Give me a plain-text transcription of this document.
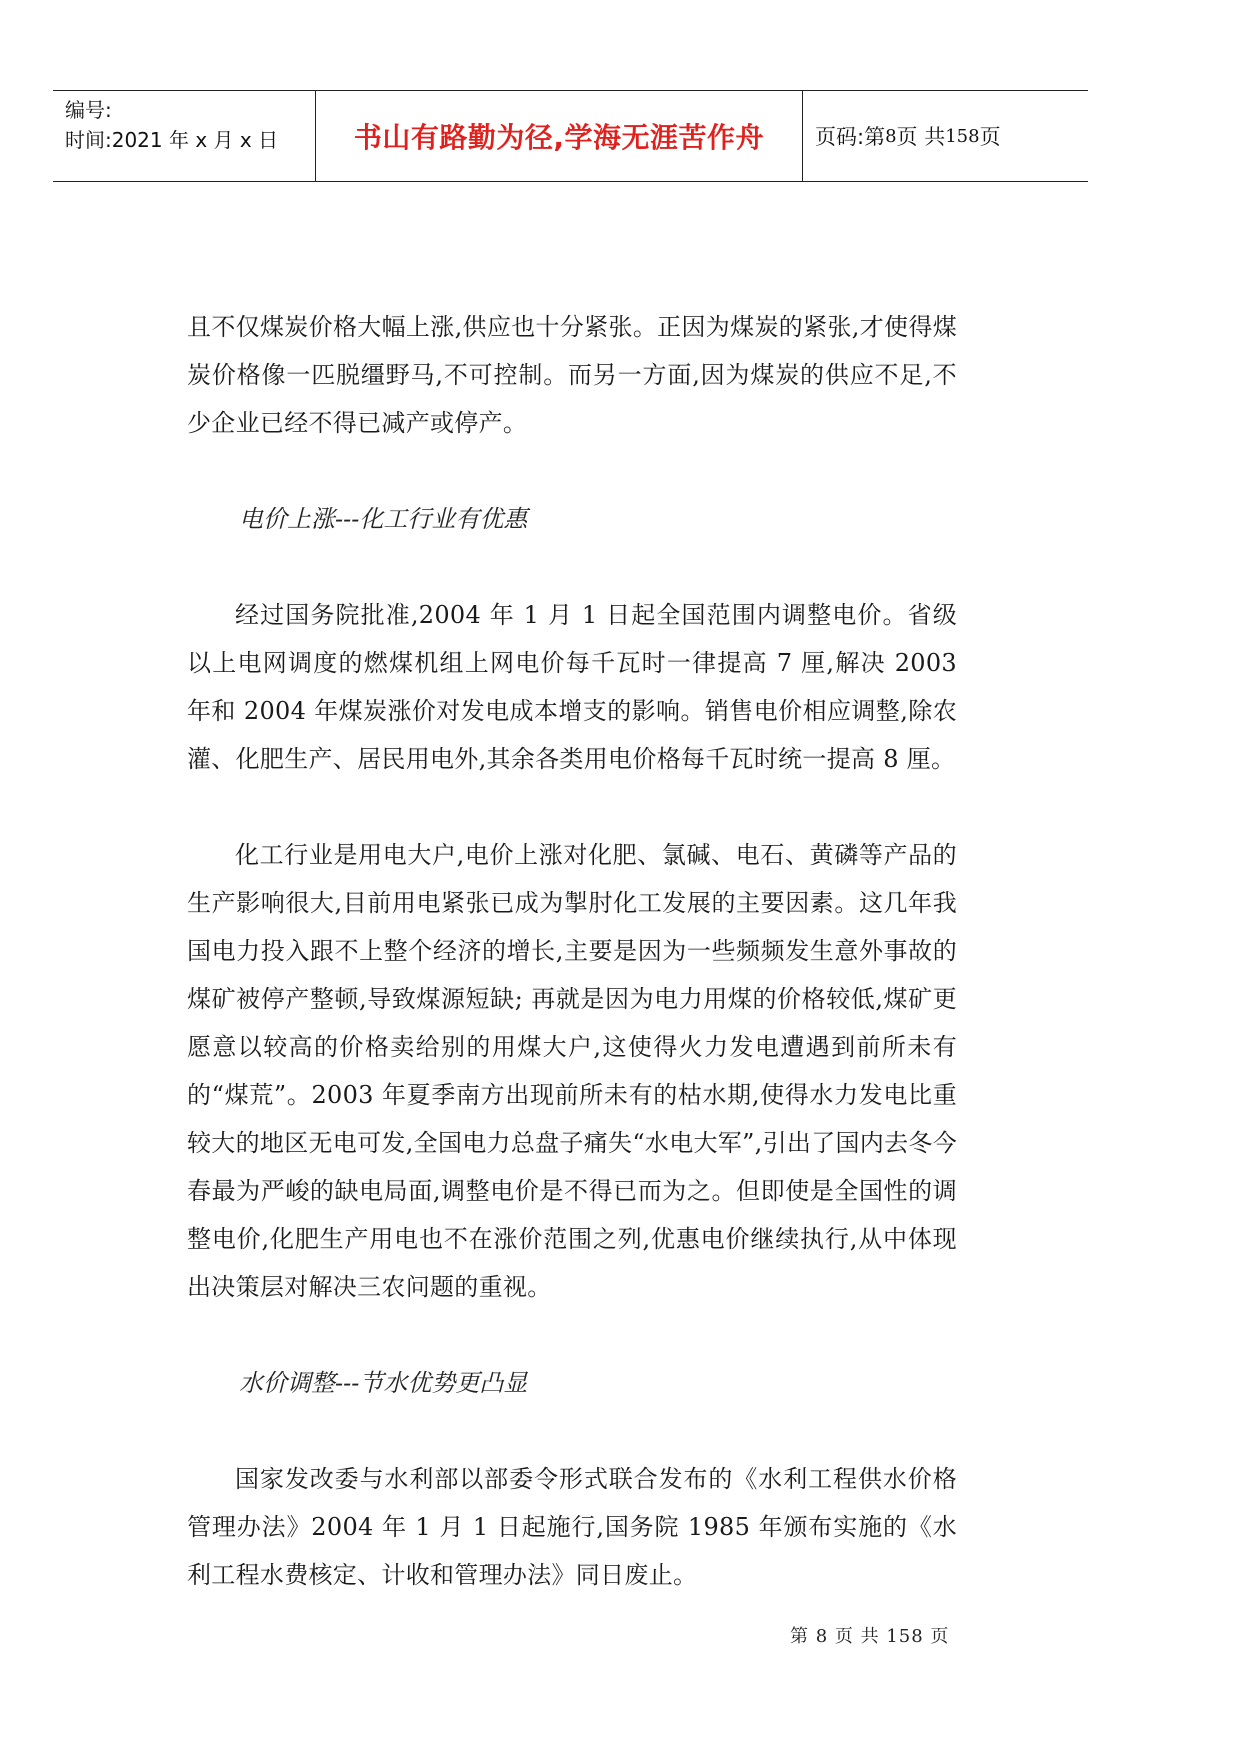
编号:
时间:2021 年 x 月 x 日	书山有路勤为径,学海无涯苦作舟 页码:第 8 页 共 158 页

且不仅煤炭价格大幅上涨,供应也十分紧张。正因为煤炭的紧张,才使得煤炭价格像一匹脱缰野马,不可控制。而另一方面,因为煤炭的供应不足,不少企业已经不得已减产或停产。

电价上涨---化工行业有优惠

经过国务院批准,2004 年 1 月 1 日起全国范围内调整电价。省级以上电网调度的燃煤机组上网电价每千瓦时一律提高 7 厘,解决 2003 年和 2004 年煤炭涨价对发电成本增支的影响。销售电价相应调整,除农灌、化肥生产、居民用电外,其余各类用电价格每千瓦时统一提高 8 厘。

化工行业是用电大户,电价上涨对化肥、氯碱、电石、黄磷等产品的生产影响很大,目前用电紧张已成为掣肘化工发展的主要因素。这几年我国电力投入跟不上整个经济的增长,主要是因为一些频频发生意外事故的煤矿被停产整顿,导致煤源短缺; 再就是因为电力用煤的价格较低,煤矿更愿意以较高的价格卖给别的用煤大户,这使得火力发电遭遇到前所未有的“煤荒”。2003 年夏季南方出现前所未有的枯水期,使得水力发电比重较大的地区无电可发,全国电力总盘子痛失“水电大军”,引出了国内去冬今春最为严峻的缺电局面,调整电价是不得已而为之。但即使是全国性的调整电价,化肥生产用电也不在涨价范围之列,优惠电价继续执行,从中体现出决策层对解决三农问题的重视。

水价调整---节水优势更凸显

国家发改委与水利部以部委令形式联合发布的《水利工程供水价格管理办法》2004 年 1 月 1 日起施行,国务院 1985 年颁布实施的《水利工程水费核定、计收和管理办法》同日废止。

第 8 页 共 158 页
